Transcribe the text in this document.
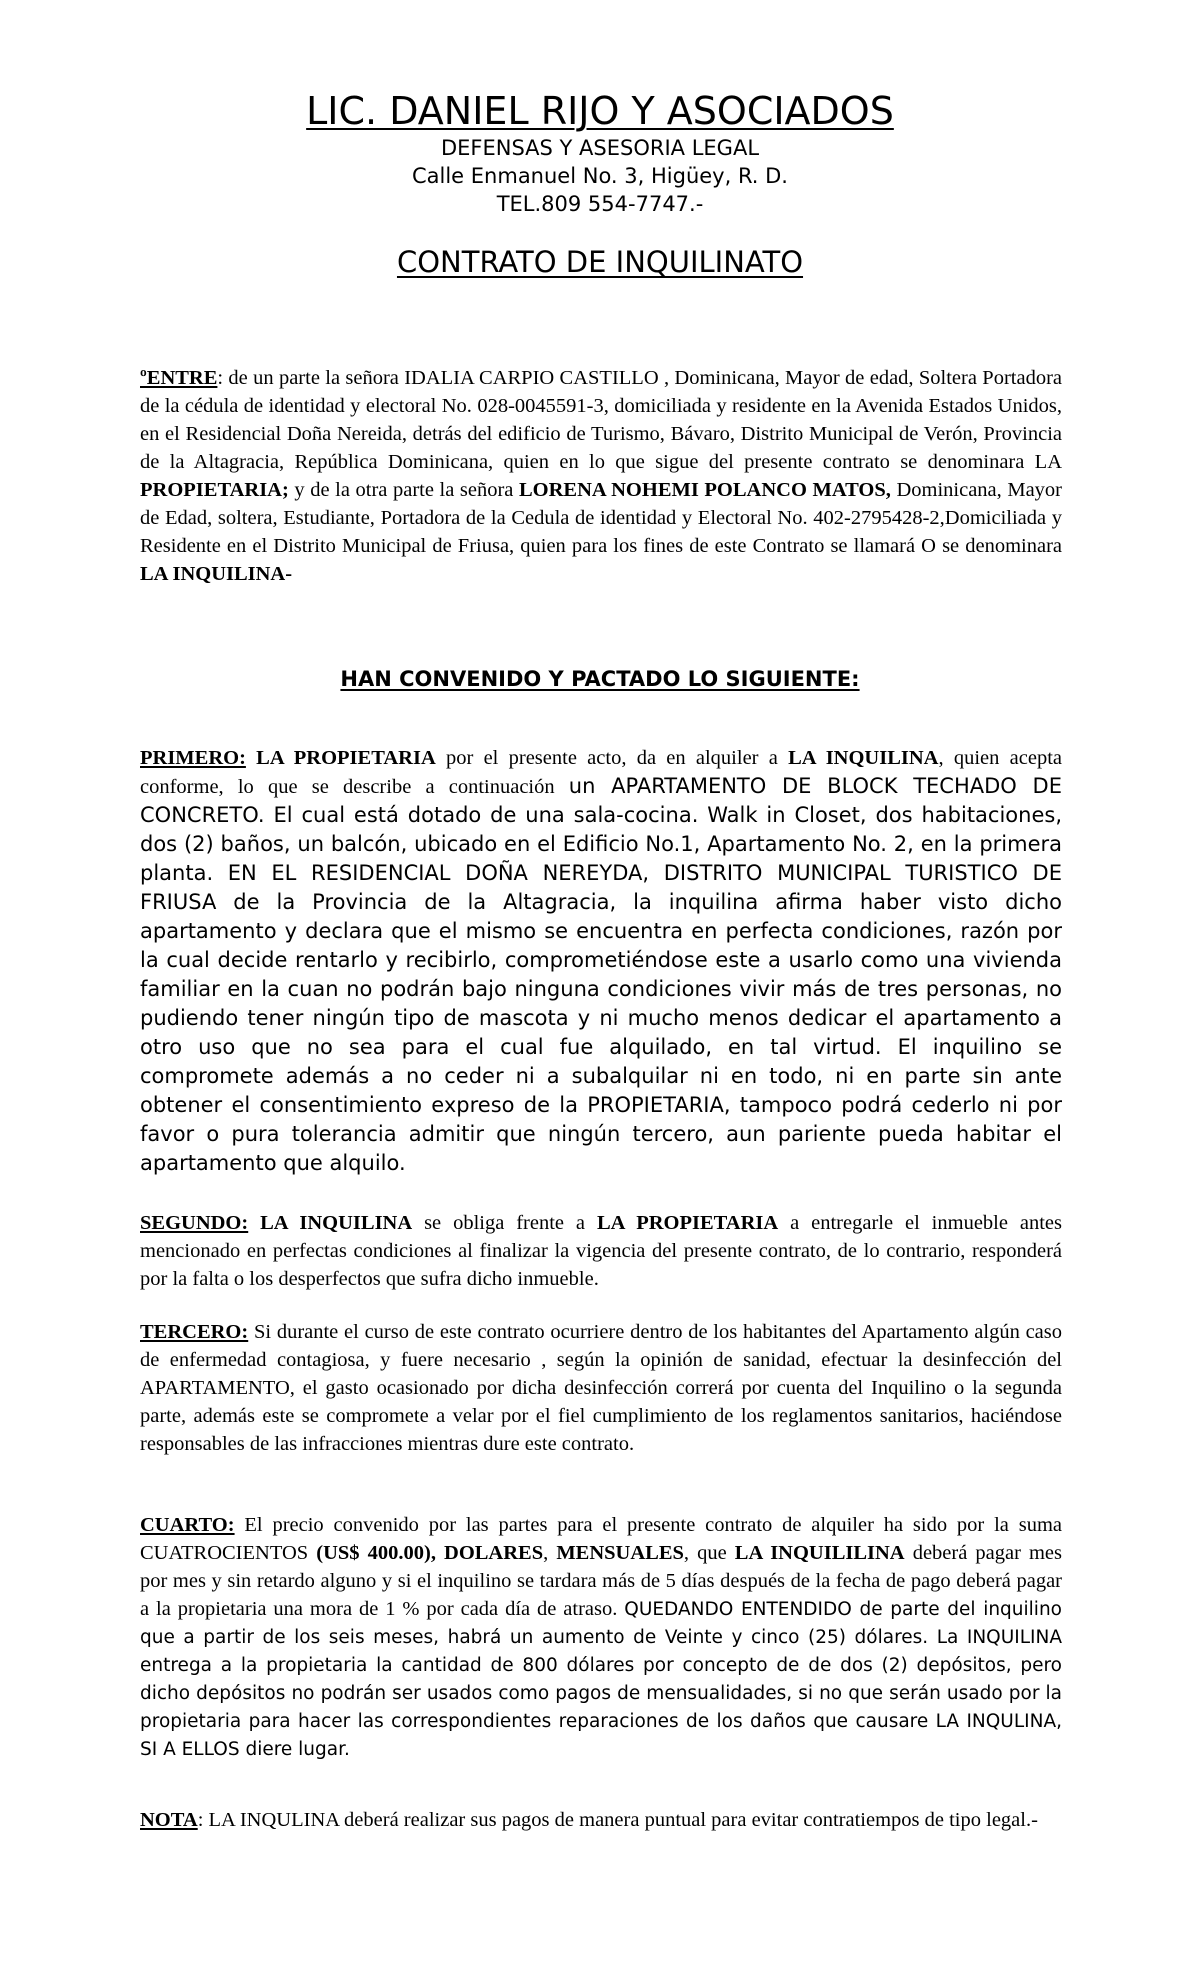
LIC. DANIEL RIJO Y ASOCIADOS
DEFENSAS Y ASESORIA LEGAL
Calle Enmanuel No. 3, Higüey, R. D.
TEL.809 554-7747.-
CONTRATO DE INQUILINATO
ºENTRE: de un parte la señora IDALIA CARPIO CASTILLO , Dominicana, Mayor de edad, Soltera Portadora de la cédula de identidad y electoral No. 028-0045591-3, domiciliada y residente en la Avenida Estados Unidos, en el Residencial Doña Nereida, detrás del edificio de Turismo, Bávaro, Distrito Municipal de Verón, Provincia de la Altagracia, República Dominicana, quien en lo que sigue del presente contrato se denominara LA PROPIETARIA; y de la otra parte la señora LORENA NOHEMI POLANCO MATOS, Dominicana, Mayor de Edad, soltera, Estudiante, Portadora de la Cedula de identidad y Electoral No. 402-2795428-2,Domiciliada y Residente en el Distrito Municipal de Friusa, quien para los fines de este Contrato se llamará O se denominara LA INQUILINA-
HAN CONVENIDO Y PACTADO LO SIGUIENTE:
PRIMERO: LA PROPIETARIA por el presente acto, da en alquiler a LA INQUILINA, quien acepta conforme, lo que se describe a continuación un APARTAMENTO DE BLOCK TECHADO DE CONCRETO. El cual está dotado de una sala-cocina. Walk in Closet, dos habitaciones, dos (2) baños, un balcón, ubicado en el Edificio No.1, Apartamento No. 2, en la primera planta. EN EL RESIDENCIAL DOÑA NEREYDA, DISTRITO MUNICIPAL TURISTICO DE FRIUSA de la Provincia de la Altagracia, la inquilina afirma haber visto dicho apartamento y declara que el mismo se encuentra en perfecta condiciones, razón por la cual decide rentarlo y recibirlo, comprometiéndose este a usarlo como una vivienda familiar en la cuan no podrán bajo ninguna condiciones vivir más de tres personas, no pudiendo tener ningún tipo de mascota y ni mucho menos dedicar el apartamento a otro uso que no sea para el cual fue alquilado, en tal virtud. El inquilino se compromete además a no ceder ni a subalquilar ni en todo, ni en parte sin ante obtener el consentimiento expreso de la PROPIETARIA, tampoco podrá cederlo ni por favor o pura tolerancia admitir que ningún tercero, aun pariente pueda habitar el apartamento que alquilo.
SEGUNDO: LA INQUILINA se obliga frente a LA PROPIETARIA a entregarle el inmueble antes mencionado en perfectas condiciones al finalizar la vigencia del presente contrato, de lo contrario, responderá por la falta o los desperfectos que sufra dicho inmueble.
TERCERO: Si durante el curso de este contrato ocurriere dentro de los habitantes del Apartamento algún caso de enfermedad contagiosa, y fuere necesario , según la opinión de sanidad, efectuar la desinfección del APARTAMENTO, el gasto ocasionado por dicha desinfección correrá por cuenta del Inquilino o la segunda parte, además este se compromete a velar por el fiel cumplimiento de los reglamentos sanitarios, haciéndose responsables de las infracciones mientras dure este contrato.
CUARTO: El precio convenido por las partes para el presente contrato de alquiler ha sido por la suma CUATROCIENTOS (US$ 400.00), DOLARES, MENSUALES, que LA INQUILILINA deberá pagar mes por mes y sin retardo alguno y si el inquilino se tardara más de 5 días después de la fecha de pago deberá pagar a la propietaria una mora de 1 % por cada día de atraso. QUEDANDO ENTENDIDO de parte del inquilino que a partir de los seis meses, habrá un aumento de Veinte y cinco (25) dólares. La INQUILINA entrega a la propietaria la cantidad de 800 dólares por concepto de de dos (2) depósitos, pero dicho depósitos no podrán ser usados como pagos de mensualidades, si no que serán usado por la propietaria para hacer las correspondientes reparaciones de los daños que causare LA INQULINA, SI A ELLOS diere lugar.
NOTA: LA INQULINA deberá realizar sus pagos de manera puntual para evitar contratiempos de tipo legal.-
